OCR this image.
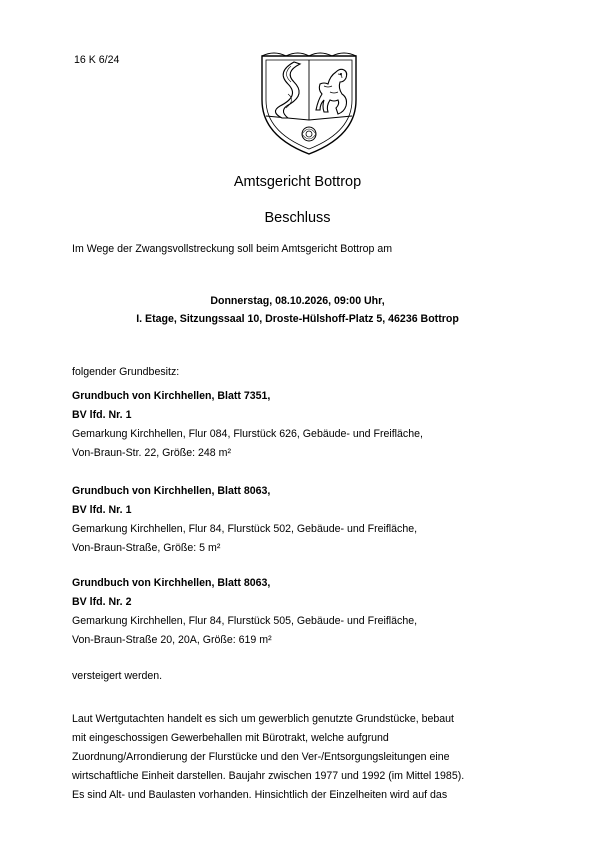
16 K 6/24
Amtsgericht Bottrop
Beschluss
Im Wege der Zwangsvollstreckung soll beim Amtsgericht Bottrop am
Donnerstag, 08.10.2026, 09:00 Uhr,
I. Etage, Sitzungssaal 10, Droste-Hülshoff-Platz 5, 46236 Bottrop
folgender Grundbesitz:
Grundbuch von Kirchhellen, Blatt 7351,
BV lfd. Nr. 1
Gemarkung Kirchhellen, Flur 084, Flurstück 626, Gebäude- und Freifläche,
Von-Braun-Str. 22, Größe: 248 m²
Grundbuch von Kirchhellen, Blatt 8063,
BV lfd. Nr. 1
Gemarkung Kirchhellen, Flur 84, Flurstück 502, Gebäude- und Freifläche,
Von-Braun-Straße, Größe: 5 m²
Grundbuch von Kirchhellen, Blatt 8063,
BV lfd. Nr. 2
Gemarkung Kirchhellen, Flur 84, Flurstück 505, Gebäude- und Freifläche,
Von-Braun-Straße 20, 20A, Größe: 619 m²
versteigert werden.
Laut Wertgutachten handelt es sich um gewerblich genutzte Grundstücke, bebaut
mit eingeschossigen Gewerbehallen mit Bürotrakt, welche aufgrund
Zuordnung/Arrondierung der Flurstücke und den Ver-/Entsorgungsleitungen eine
wirtschaftliche Einheit darstellen. Baujahr zwischen 1977 und 1992 (im Mittel 1985).
Es sind Alt- und Baulasten vorhanden. Hinsichtlich der Einzelheiten wird auf das
